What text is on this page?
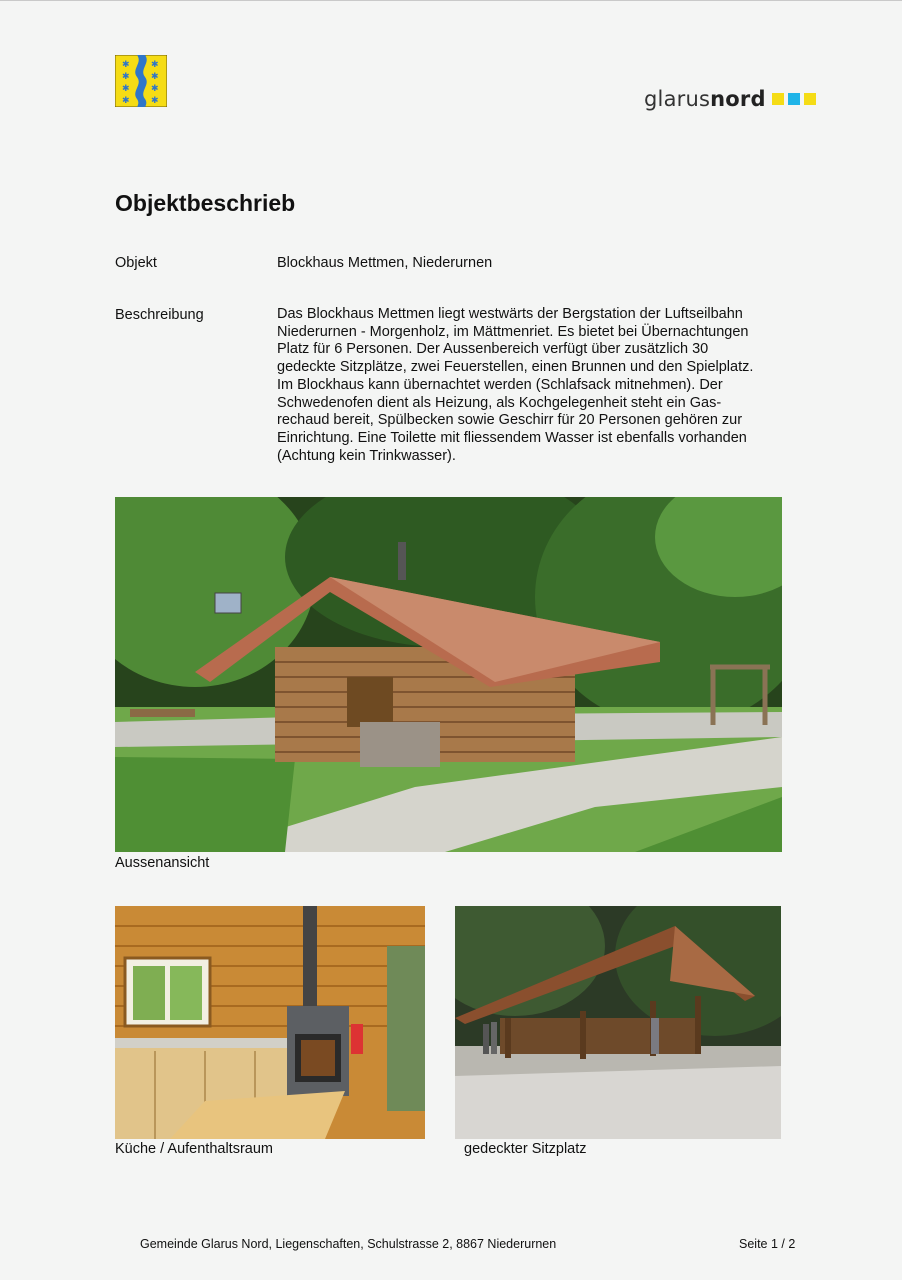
✱
✱
✱
✱
✱
✱
✱
✱	glarusnord
Objektbeschrieb
Objekt	Blockhaus Mettmen, Niederurnen
Beschreibung	Das Blockhaus Mettmen liegt westwärts der Bergstation der Luftseilbahn
Niederurnen - Morgenholz, im Mättmenriet. Es bietet bei Übernachtungen
Platz für 6 Personen. Der Aussenbereich verfügt über zusätzlich 30
gedeckte Sitzplätze, zwei Feuerstellen, einen Brunnen und den Spielplatz.
Im Blockhaus kann übernachtet werden (Schlafsack mitnehmen). Der
Schwedenofen dient als Heizung, als Kochgelegenheit steht ein Gas-
rechaud bereit, Spülbecken sowie Geschirr für 20 Personen gehören zur
Einrichtung. Eine Toilette mit fliessendem Wasser ist ebenfalls vorhanden
(Achtung kein Trinkwasser).
Aussenansicht
Küche / Aufenthaltsraum	gedeckter Sitzplatz
Gemeinde Glarus Nord, Liegenschaften, Schulstrasse 2, 8867 Niederurnen	Seite 1 / 2
